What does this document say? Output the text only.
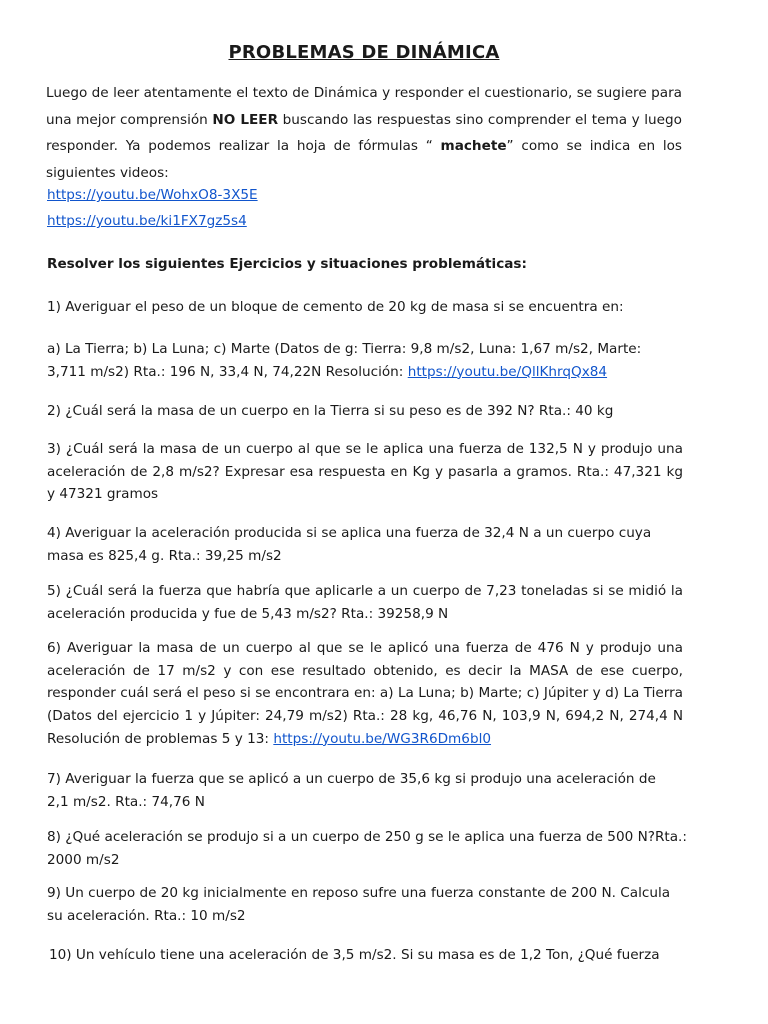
PROBLEMAS DE DINÁMICA
Luego de leer atentamente el texto de Dinámica y responder el cuestionario, se sugiere para una mejor comprensión NO LEER buscando las respuestas sino comprender el tema y luego responder. Ya podemos realizar la hoja de fórmulas “ machete” como se indica en los siguientes videos:
https://youtu.be/WohxO8-3X5E
https://youtu.be/ki1FX7gz5s4
Resolver los siguientes Ejercicios y situaciones problemáticas:
1) Averiguar el peso de un bloque de cemento de 20 kg de masa si se encuentra en:
a) La Tierra; b) La Luna; c) Marte (Datos de g: Tierra: 9,8 m/s2, Luna: 1,67 m/s2, Marte: 3,711 m/s2) Rta.: 196 N, 33,4 N, 74,22N Resolución: https://youtu.be/QllKhrqQx84
2) ¿Cuál será la masa de un cuerpo en la Tierra si su peso es de 392 N? Rta.: 40 kg
3) ¿Cuál será la masa de un cuerpo al que se le aplica una fuerza de 132,5 N y produjo una aceleración de 2,8 m/s2? Expresar esa respuesta en Kg y pasarla a gramos. Rta.: 47,321 kg y 47321 gramos
4) Averiguar la aceleración producida si se aplica una fuerza de 32,4 N a un cuerpo cuya masa es 825,4 g. Rta.: 39,25 m/s2
5) ¿Cuál será la fuerza que habría que aplicarle a un cuerpo de 7,23 toneladas si se midió la aceleración producida y fue de 5,43 m/s2? Rta.: 39258,9 N
6) Averiguar la masa de un cuerpo al que se le aplicó una fuerza de 476 N y produjo una aceleración de 17 m/s2 y con ese resultado obtenido, es decir la MASA de ese cuerpo, responder cuál será el peso si se encontrara en: a) La Luna; b) Marte; c) Júpiter y d) La Tierra (Datos del ejercicio 1 y Júpiter: 24,79 m/s2) Rta.: 28 kg, 46,76 N, 103,9 N, 694,2 N, 274,4 N Resolución de problemas 5 y 13: https://youtu.be/WG3R6Dm6bl0
7) Averiguar la fuerza que se aplicó a un cuerpo de 35,6 kg si produjo una aceleración de 2,1 m/s2. Rta.: 74,76 N
8) ¿Qué aceleración se produjo si a un cuerpo de 250 g se le aplica una fuerza de 500 N?Rta.: 2000 m/s2
9) Un cuerpo de 20 kg inicialmente en reposo sufre una fuerza constante de 200 N. Calcula su aceleración. Rta.: 10 m/s2
10) Un vehículo tiene una aceleración de 3,5 m/s2. Si su masa es de 1,2 Ton, ¿Qué fuerza
